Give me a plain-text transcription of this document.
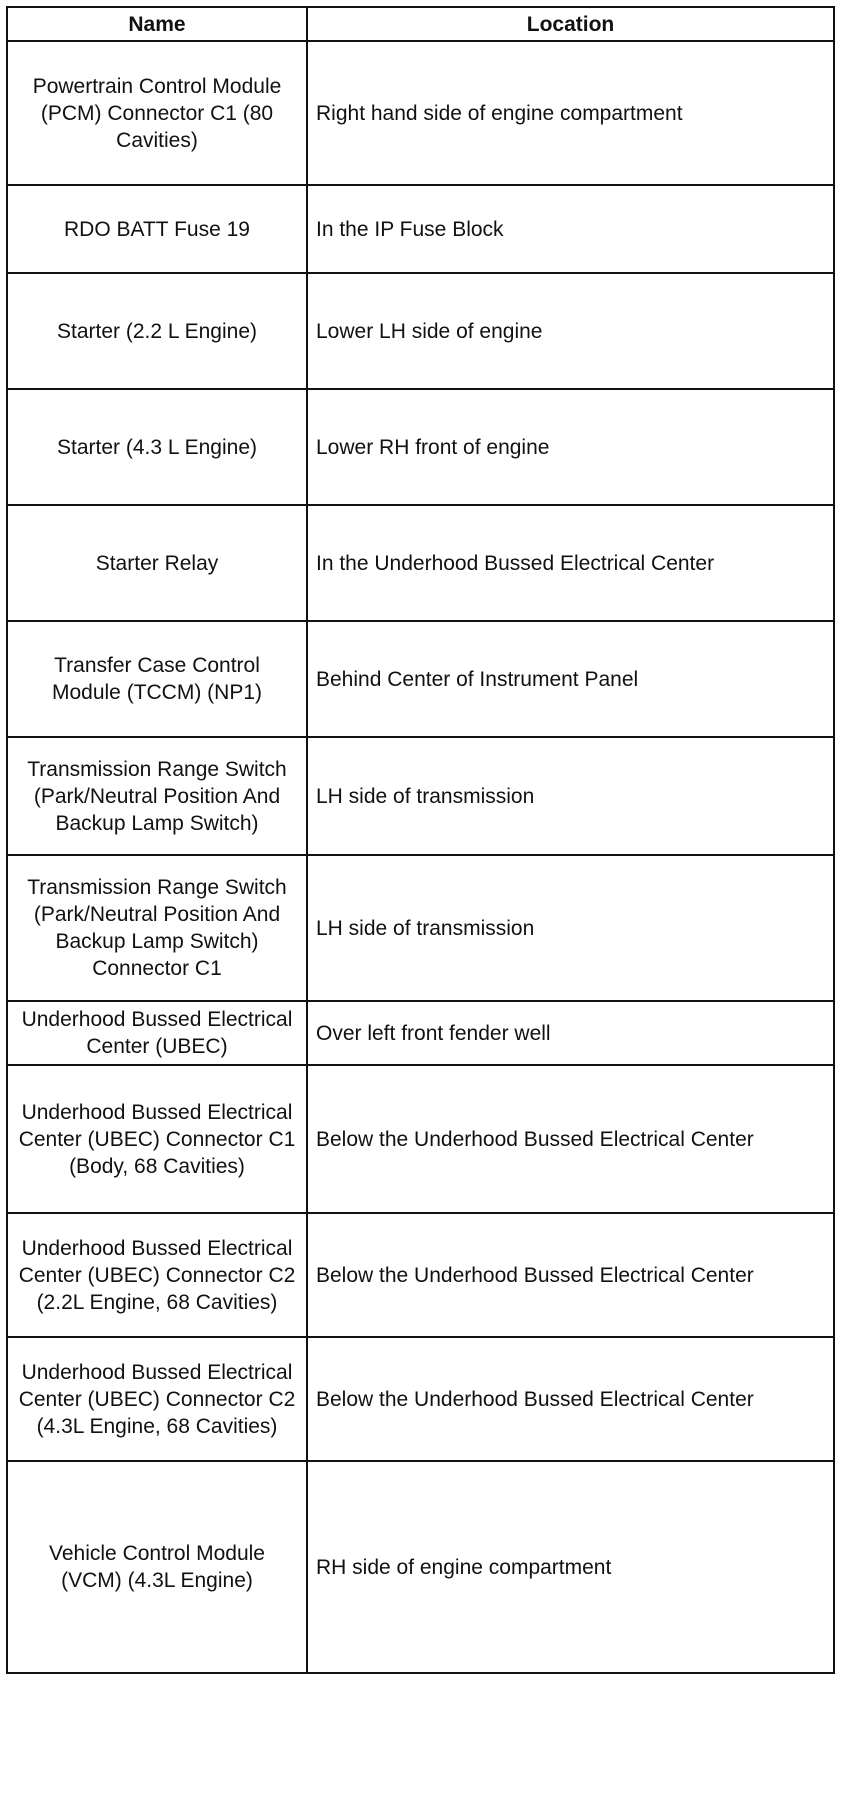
Name	Location
Powertrain Control Module (PCM) Connector C1 (80 Cavities)	Right hand side of engine compartment
RDO BATT Fuse 19	In the IP Fuse Block
Starter (2.2 L Engine)	Lower LH side of engine
Starter (4.3 L Engine)	Lower RH front of engine
Starter Relay	In the Underhood Bussed Electrical Center
Transfer Case Control Module (TCCM) (NP1)	Behind Center of Instrument Panel
Transmission Range Switch (Park/Neutral Position And Backup Lamp Switch)	LH side of transmission
Transmission Range Switch (Park/Neutral Position And Backup Lamp Switch) Connector C1	LH side of transmission
Underhood Bussed Electrical Center (UBEC)	Over left front fender well
Underhood Bussed Electrical Center (UBEC) Connector C1 (Body, 68 Cavities)	Below the Underhood Bussed Electrical Center
Underhood Bussed Electrical Center (UBEC) Connector C2 (2.2L Engine, 68 Cavities)	Below the Underhood Bussed Electrical Center
Underhood Bussed Electrical Center (UBEC) Connector C2 (4.3L Engine, 68 Cavities)	Below the Underhood Bussed Electrical Center
Vehicle Control Module (VCM) (4.3L Engine)	RH side of engine compartment
